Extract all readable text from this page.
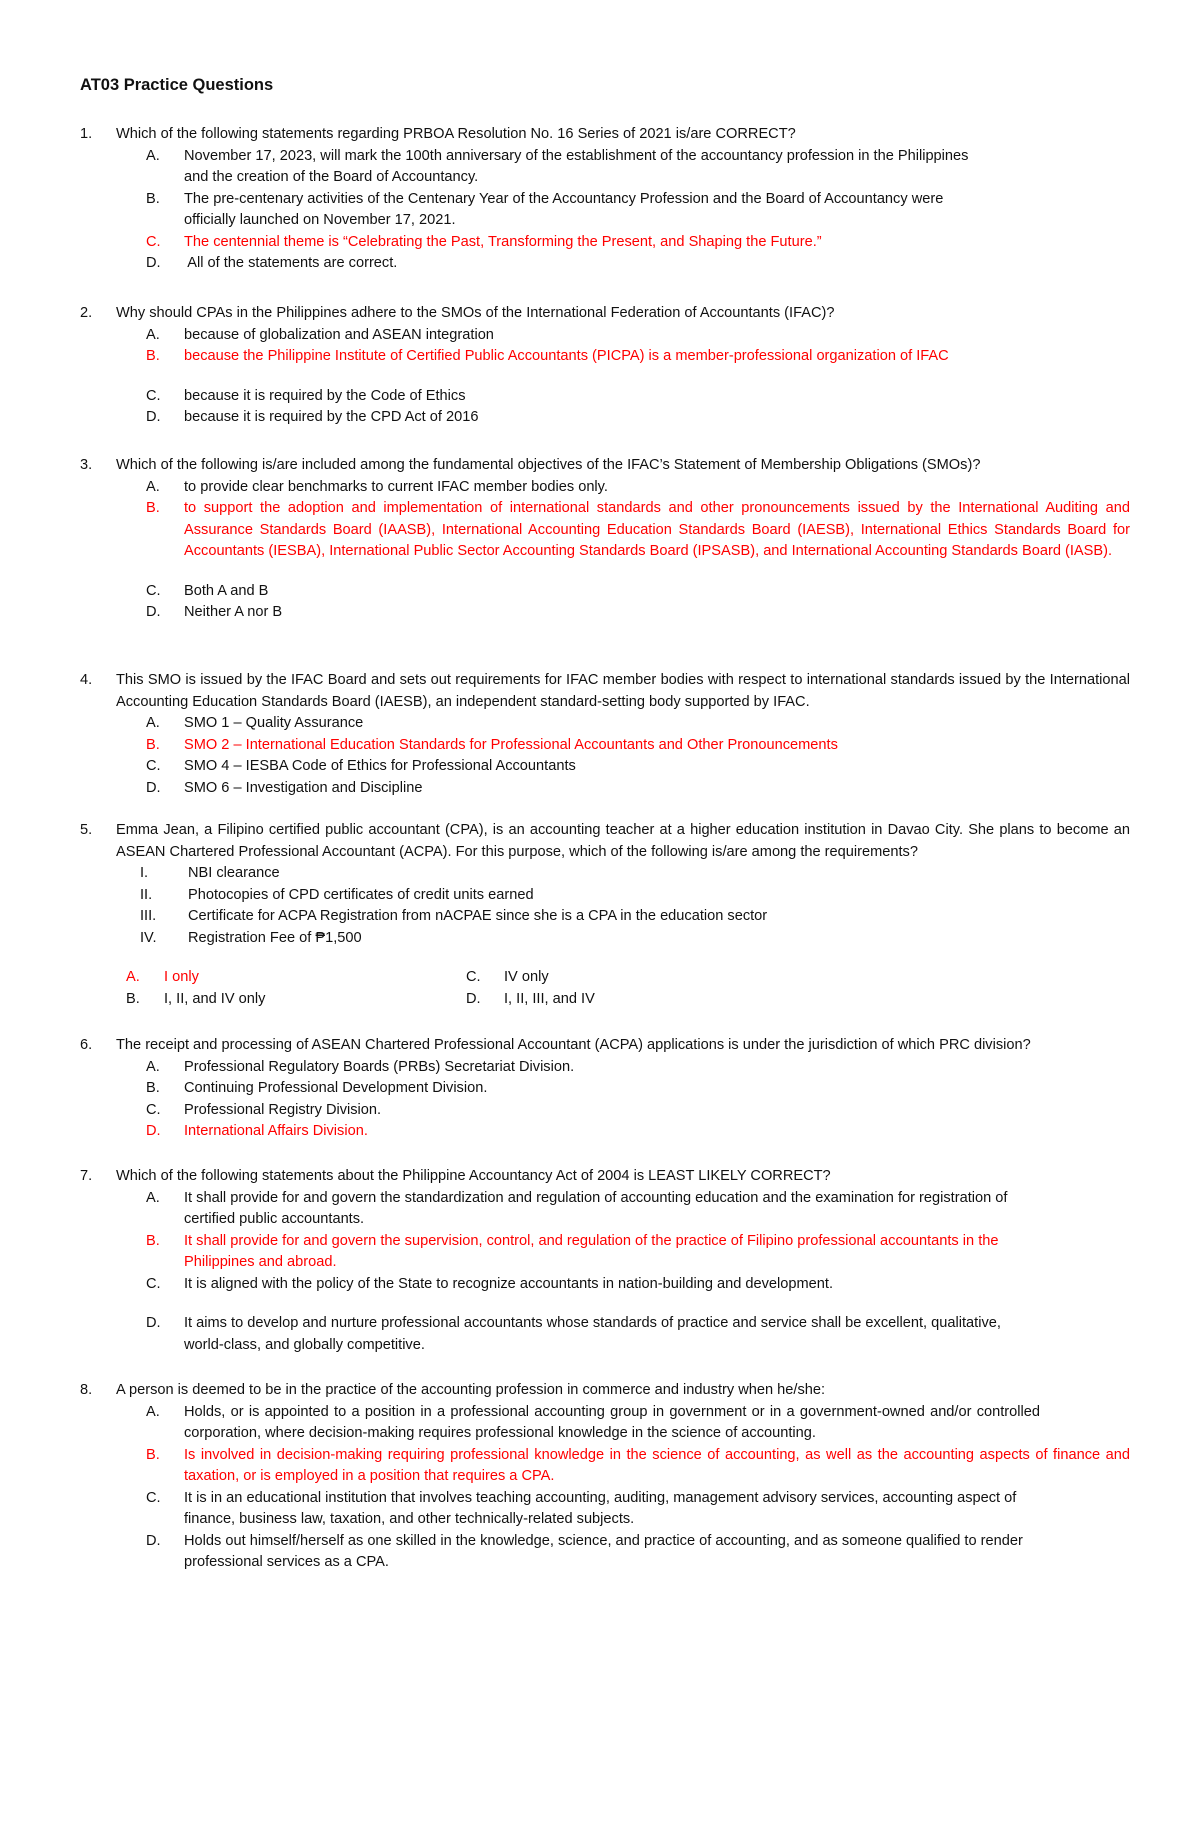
AT03 Practice Questions
1.	Which of the following statements regarding PRBOA Resolution No. 16 Series of 2021 is/are CORRECT?
A.	November 17, 2023, will mark the 100th anniversary of the establishment of the accountancy profession in the Philippines and the creation of the Board of Accountancy.
B.	The pre-centenary activities of the Centenary Year of the Accountancy Profession and the Board of Accountancy were officially launched on November 17, 2021.
C.	The centennial theme is “Celebrating the Past, Transforming the Present, and Shaping the Future.”
D.	All of the statements are correct.
2.	Why should CPAs in the Philippines adhere to the SMOs of the International Federation of Accountants (IFAC)?
A.	because of globalization and ASEAN integration
B.	because the Philippine Institute of Certified Public Accountants (PICPA) is a member-professional organization of IFAC
C.	because it is required by the Code of Ethics
D.	because it is required by the CPD Act of 2016
3.	Which of the following is/are included among the fundamental objectives of the IFAC’s Statement of Membership Obligations (SMOs)?
A.	to provide clear benchmarks to current IFAC member bodies only.
B.	to support the adoption and implementation of international standards and other pronouncements issued by the International Auditing and Assurance Standards Board (IAASB), International Accounting Education Standards Board (IAESB), International Ethics Standards Board for Accountants (IESBA), International Public Sector Accounting Standards Board (IPSASB), and International Accounting Standards Board (IASB).
C.	Both A and B
D.	Neither A nor B
4.	This SMO is issued by the IFAC Board and sets out requirements for IFAC member bodies with respect to international standards issued by the International Accounting Education Standards Board (IAESB), an independent standard-setting body supported by IFAC.
A.	SMO 1 – Quality Assurance
B.	SMO 2 – International Education Standards for Professional Accountants and Other Pronouncements
C.	SMO 4 – IESBA Code of Ethics for Professional Accountants
D.	SMO 6 – Investigation and Discipline
5.	Emma Jean, a Filipino certified public accountant (CPA), is an accounting teacher at a higher education institution in Davao City. She plans to become an ASEAN Chartered Professional Accountant (ACPA). For this purpose, which of the following is/are among the requirements?
I.	NBI clearance
II.	Photocopies of CPD certificates of credit units earned
III.	Certificate for ACPA Registration from nACPAE since she is a CPA in the education sector
IV.	Registration Fee of ₱1,500
A.	I only	C.	IV only
B.	I, II, and IV only	D.	I, II, III, and IV
6.	The receipt and processing of ASEAN Chartered Professional Accountant (ACPA) applications is under the jurisdiction of which PRC division?
A.	Professional Regulatory Boards (PRBs) Secretariat Division.
B.	Continuing Professional Development Division.
C.	Professional Registry Division.
D.	International Affairs Division.
7.	Which of the following statements about the Philippine Accountancy Act of 2004 is LEAST LIKELY CORRECT?
A.	It shall provide for and govern the standardization and regulation of accounting education and the examination for registration of certified public accountants.
B.	It shall provide for and govern the supervision, control, and regulation of the practice of Filipino professional accountants in the Philippines and abroad.
C.	It is aligned with the policy of the State to recognize accountants in nation-building and development.
D.	It aims to develop and nurture professional accountants whose standards of practice and service shall be excellent, qualitative, world-class, and globally competitive.
8.	A person is deemed to be in the practice of the accounting profession in commerce and industry when he/she:
A.	Holds, or is appointed to a position in a professional accounting group in government or in a government-owned and/or controlled corporation, where decision-making requires professional knowledge in the science of accounting.
B.	Is involved in decision-making requiring professional knowledge in the science of accounting, as well as the accounting aspects of finance and taxation, or is employed in a position that requires a CPA.
C.	It is in an educational institution that involves teaching accounting, auditing, management advisory services, accounting aspect of finance, business law, taxation, and other technically-related subjects.
D.	Holds out himself/herself as one skilled in the knowledge, science, and practice of accounting, and as someone qualified to render professional services as a CPA.
